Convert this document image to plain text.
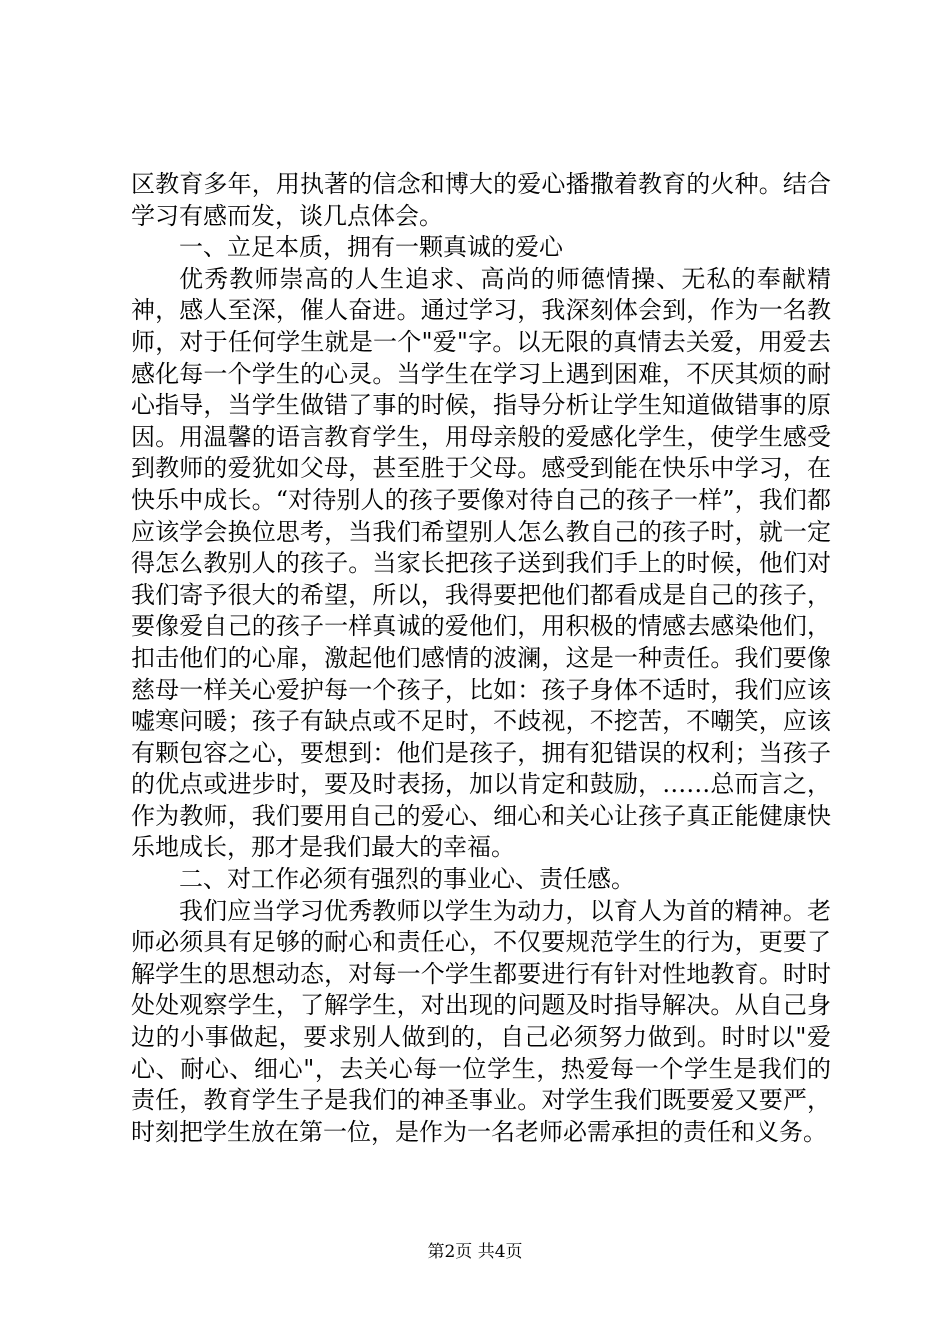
区教育多年，用执著的信念和博大的爱心播撒着教育的火种。结合学习有感而发，谈几点体会。

一、立足本质，拥有一颗真诚的爱心

优秀教师崇高的人生追求、高尚的师德情操、无私的奉献精神，感人至深，催人奋进。通过学习，我深刻体会到，作为一名教师，对于任何学生就是一个"爱"字。以无限的真情去关爱，用爱去感化每一个学生的心灵。当学生在学习上遇到困难，不厌其烦的耐心指导，当学生做错了事的时候，指导分析让学生知道做错事的原因。用温馨的语言教育学生，用母亲般的爱感化学生，使学生感受到教师的爱犹如父母，甚至胜于父母。感受到能在快乐中学习，在快乐中成长。“对待别人的孩子要像对待自己的孩子一样”，我们都应该学会换位思考，当我们希望别人怎么教自己的孩子时，就一定得怎么教别人的孩子。当家长把孩子送到我们手上的时候，他们对我们寄予很大的希望，所以，我得要把他们都看成是自己的孩子，要像爱自己的孩子一样真诚的爱他们，用积极的情感去感染他们，扣击他们的心扉，激起他们感情的波澜，这是一种责任。我们要像慈母一样关心爱护每一个孩子，比如：孩子身体不适时，我们应该嘘寒问暖；孩子有缺点或不足时，不歧视，不挖苦，不嘲笑，应该有颗包容之心，要想到：他们是孩子，拥有犯错误的权利；当孩子的优点或进步时，要及时表扬，加以肯定和鼓励，……总而言之，作为教师，我们要用自己的爱心、细心和关心让孩子真正能健康快乐地成长，那才是我们最大的幸福。

二、对工作必须有强烈的事业心、责任感。

我们应当学习优秀教师以学生为动力，以育人为首的精神。老师必须具有足够的耐心和责任心，不仅要规范学生的行为，更要了解学生的思想动态，对每一个学生都要进行有针对性地教育。时时处处观察学生，了解学生，对出现的问题及时指导解决。从自己身边的小事做起，要求别人做到的，自己必须努力做到。时时以"爱心、耐心、细心"，去关心每一位学生，热爱每一个学生是我们的责任，教育学生子是我们的神圣事业。对学生我们既要爱又要严，时刻把学生放在第一位，是作为一名老师必需承担的责任和义务。

第2页 共4页
